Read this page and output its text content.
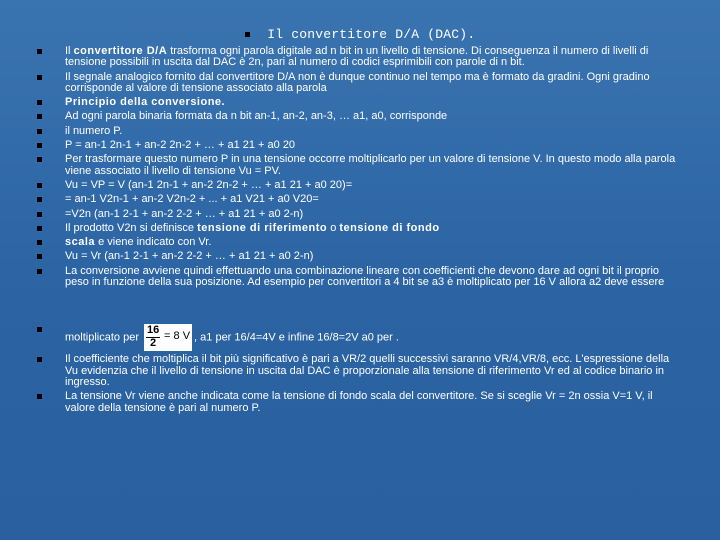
Il convertitore D/A (DAC).
Il convertitore D/A trasforma ogni parola digitale ad n bit in un livello di tensione. Di conseguenza il numero di livelli di tensione possibili in uscita dal DAC è 2n, pari al numero di codici esprimibili con parole di n bit.
Il segnale analogico fornito dal convertitore D/A non è dunque continuo nel tempo ma è formato da gradini. Ogni gradino corrisponde al valore di tensione associato alla parola
Principio della conversione.
Ad ogni parola binaria formata da n bit an-1, an-2, an-3, … a1, a0, corrisponde
il numero P.
P = an-1 2n-1 + an-2 2n-2 + … + a1 21 + a0 20
Per trasformare questo numero P in una tensione occorre moltiplicarlo per un valore di tensione V. In questo modo alla parola viene associato il livello di tensione Vu = PV.
Vu = VP = V (an-1 2n-1 + an-2 2n-2 + … + a1 21 + a0 20)=
= an-1 V2n-1 + an-2 V2n-2 + ... + a1 V21 + a0 V20=
=V2n (an-1 2-1 + an-2 2-2 + … + a1 21 + a0 2-n)
Il prodotto V2n si definisce tensione di riferimento o tensione di fondo
scala e viene indicato con Vr.
Vu = Vr (an-1 2-1 + an-2 2-2 + … + a1 21 + a0 2-n)
La conversione avviene quindi effettuando una combinazione lineare con coefficienti che devono dare ad ogni bit il proprio peso in funzione della sua posizione. Ad esempio per convertitori a 4 bit se a3 è moltiplicato per 16 V allora a2 deve essere
moltiplicato per
16
2
= 8 V , a1 per 16/4=4V e infine 16/8=2V a0 per .
Il coefficiente che moltiplica il bit più significativo è pari a VR/2 quelli successivi saranno VR/4,VR/8, ecc. L'espressione della Vu evidenzia che il livello di tensione in uscita dal DAC è proporzionale alla tensione di riferimento Vr ed al codice binario in ingresso.
La tensione Vr viene anche indicata come la tensione di fondo scala del convertitore. Se si sceglie Vr = 2n ossia V=1 V, il valore della tensione è pari al numero P.
